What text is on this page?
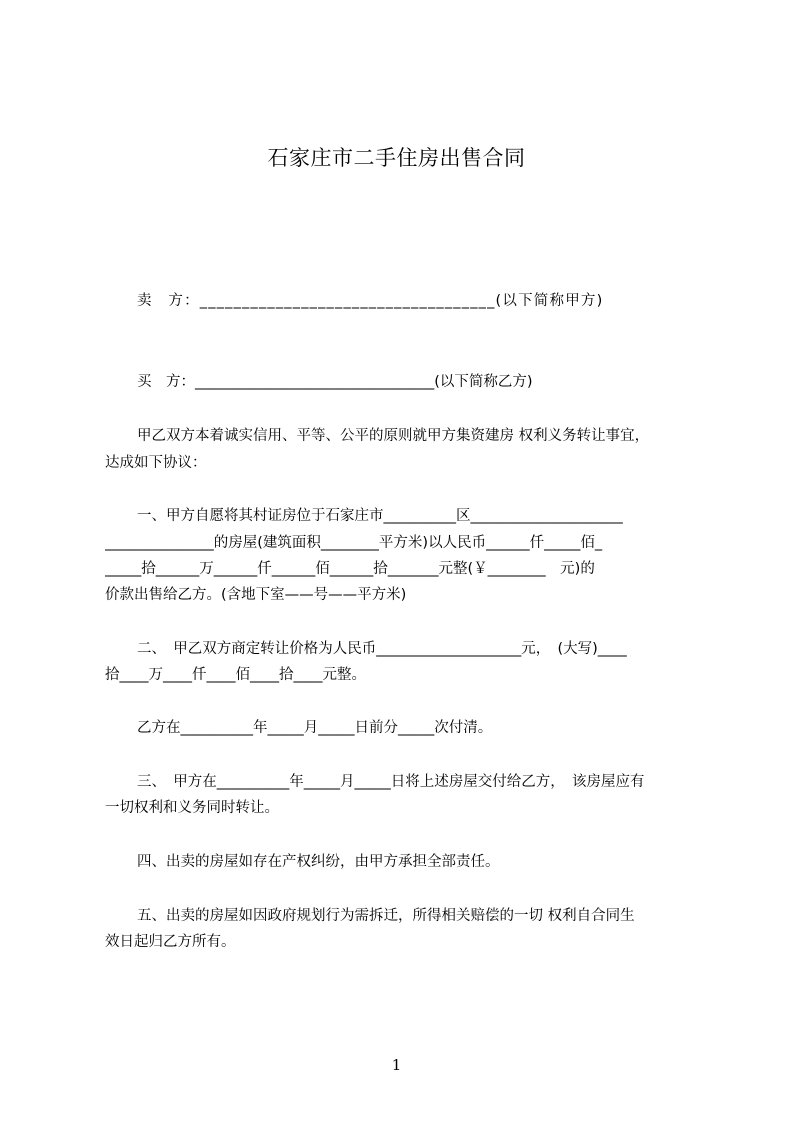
石家庄市二手住房出售合同
卖　方：___________________________________(以下简称甲方)
买　方：_________________________________(以下简称乙方)
甲乙双方本着诚实信用、平等、公平的原则就甲方集资建房 权利义务转让事宜，
达成如下协议：
一、甲方自愿将其村证房位于石家庄市__________区_____________________
_______________的房屋(建筑面积________平方米)以人民币______仟_____佰_
_____拾______万______仟______佰______拾_______元整(￥________　元)的
价款出售给乙方。(含地下室——号——平方米)
二、　甲乙双方商定转让价格为人民币____________________元，　(大写)____
拾____万____仟____佰____拾____元整。
乙方在__________年_____月_____日前分_____次付清。
三、　甲方在__________年_____月_____日将上述房屋交付给乙方，　该房屋应有
一切权利和义务同时转让。
四、出卖的房屋如存在产权纠纷，由甲方承担全部责任。
五、出卖的房屋如因政府规划行为需拆迁，所得相关赔偿的一切 权利自合同生
效日起归乙方所有。
1
